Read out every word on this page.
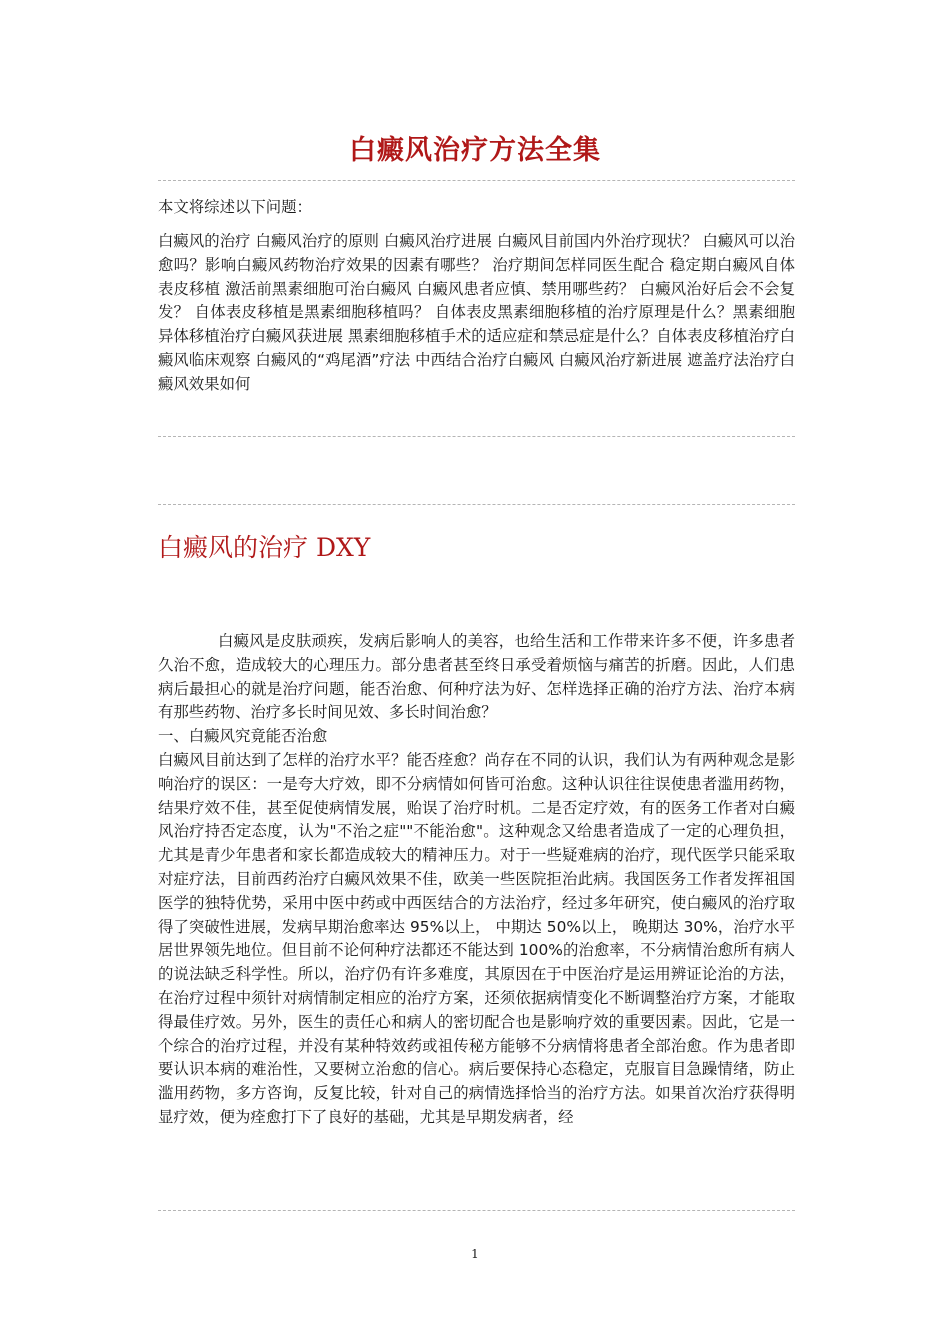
白癜风治疗方法全集

本文将综述以下问题：

白癜风的治疗 白癜风治疗的原则 白癜风治疗进展 白癜风目前国内外治疗现状？ 白癜风可以治愈吗？影响白癜风药物治疗效果的因素有哪些？ 治疗期间怎样同医生配合 稳定期白癜风自体表皮移植 激活前黑素细胞可治白癜风 白癜风患者应慎、禁用哪些药？ 白癜风治好后会不会复发？ 自体表皮移植是黑素细胞移植吗？ 自体表皮黑素细胞移植的治疗原理是什么？黑素细胞异体移植治疗白癜风获进展 黑素细胞移植手术的适应症和禁忌症是什么？自体表皮移植治疗白癜风临床观察 白癜风的“鸡尾酒”疗法 中西结合治疗白癜风 白癜风治疗新进展 遮盖疗法治疗白癜风效果如何

白癜风的治疗 DXY

白癜风是皮肤顽疾，发病后影响人的美容，也给生活和工作带来许多不便，许多患者久治不愈，造成较大的心理压力。部分患者甚至终日承受着烦恼与痛苦的折磨。因此，人们患病后最担心的就是治疗问题，能否治愈、何种疗法为好、怎样选择正确的治疗方法、治疗本病有那些药物、治疗多长时间见效、多长时间治愈？

一、白癜风究竟能否治愈

白癜风目前达到了怎样的治疗水平？能否痊愈？尚存在不同的认识，我们认为有两种观念是影响治疗的误区：一是夸大疗效，即不分病情如何皆可治愈。这种认识往往误使患者滥用药物，结果疗效不佳，甚至促使病情发展，贻误了治疗时机。二是否定疗效，有的医务工作者对白癜风治疗持否定态度，认为"不治之症""不能治愈"。这种观念又给患者造成了一定的心理负担，尤其是青少年患者和家长都造成较大的精神压力。对于一些疑难病的治疗，现代医学只能采取对症疗法，目前西药治疗白癜风效果不佳，欧美一些医院拒治此病。我国医务工作者发挥祖国医学的独特优势，采用中医中药或中西医结合的方法治疗，经过多年研究，使白癜风的治疗取得了突破性进展，发病早期治愈率达 95%以上， 中期达 50%以上， 晚期达 30%，治疗水平居世界领先地位。但目前不论何种疗法都还不能达到 100%的治愈率，不分病情治愈所有病人的说法缺乏科学性。所以，治疗仍有许多难度，其原因在于中医治疗是运用辨证论治的方法，在治疗过程中须针对病情制定相应的治疗方案，还须依据病情变化不断调整治疗方案，才能取得最佳疗效。另外，医生的责任心和病人的密切配合也是影响疗效的重要因素。因此，它是一个综合的治疗过程，并没有某种特效药或祖传秘方能够不分病情将患者全部治愈。作为患者即要认识本病的难治性，又要树立治愈的信心。病后要保持心态稳定，克服盲目急躁情绪，防止滥用药物，多方咨询，反复比较，针对自己的病情选择恰当的治疗方法。如果首次治疗获得明显疗效，便为痊愈打下了良好的基础，尤其是早期发病者，经

1
